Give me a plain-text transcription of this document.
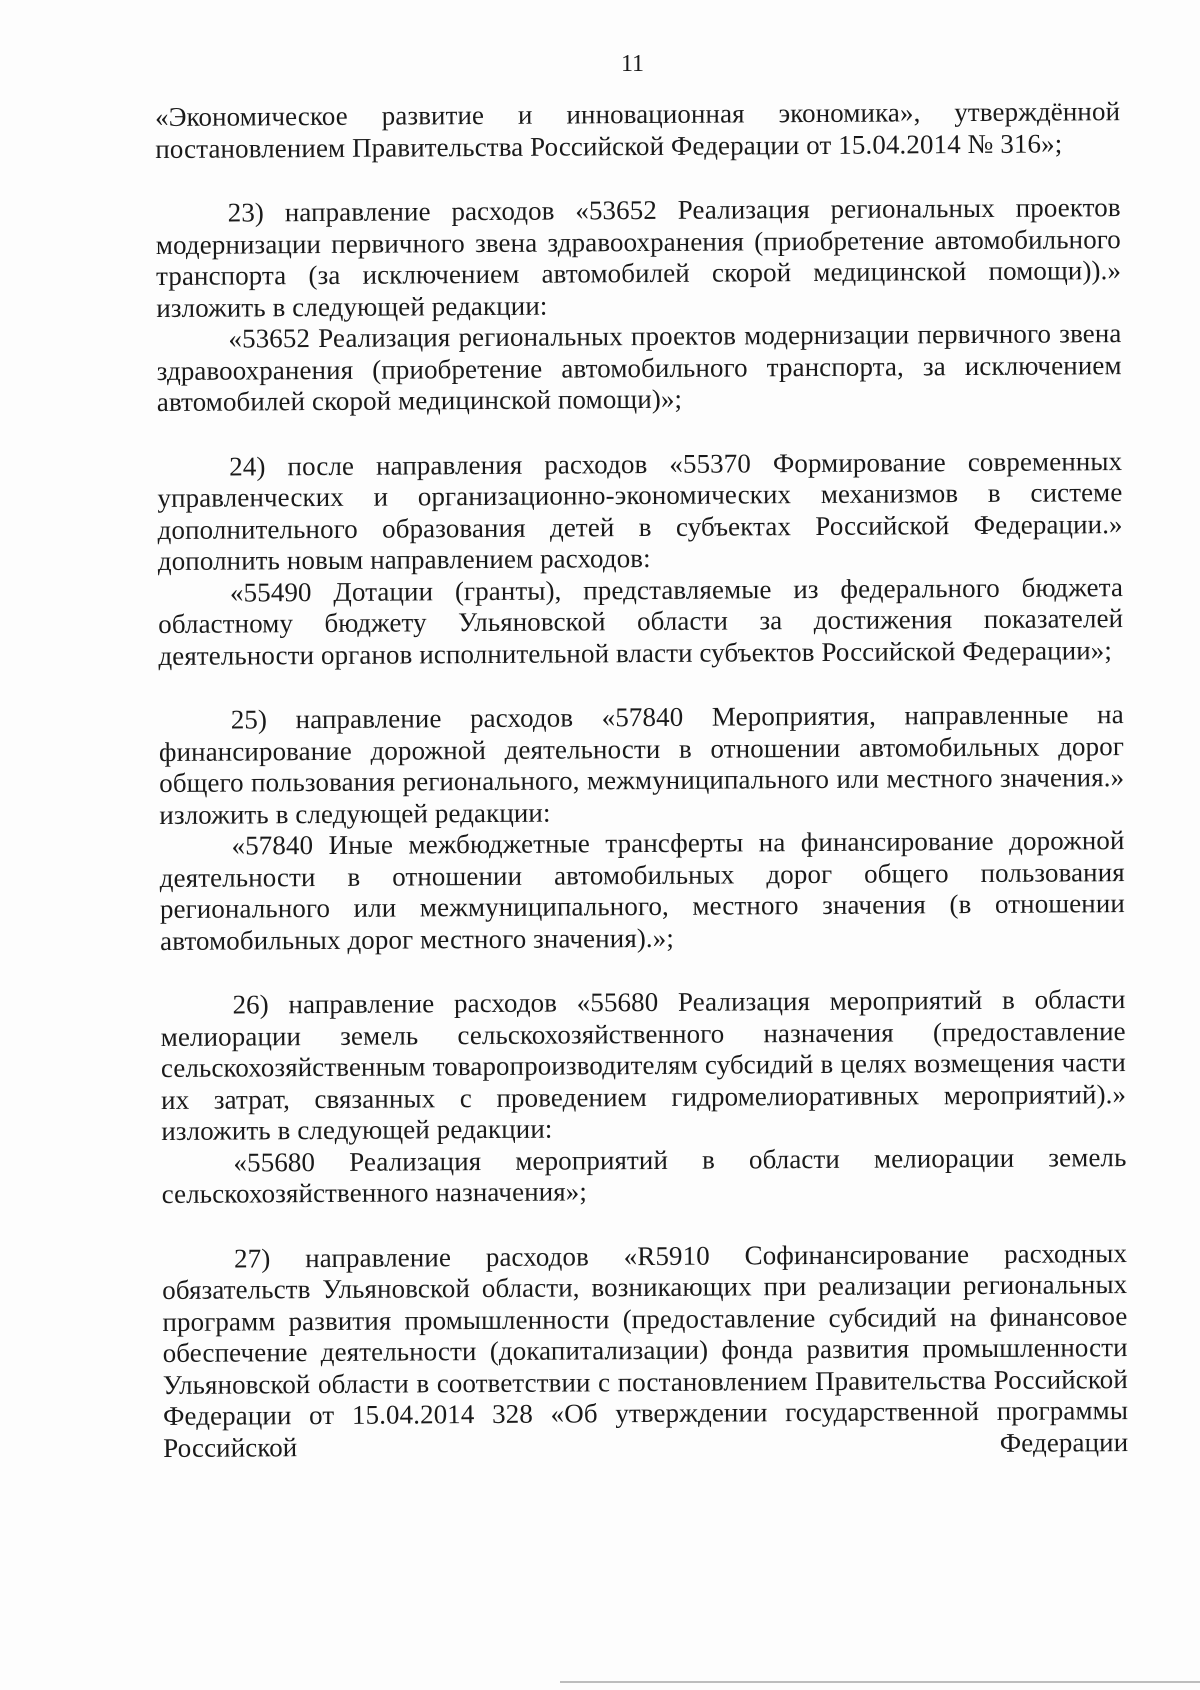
11

«Экономическое развитие и инновационная экономика», утверждённой постановлением Правительства Российской Федерации от 15.04.2014 № 316»;

23) направление расходов «53652 Реализация региональных проектов модернизации первичного звена здравоохранения (приобретение автомобильного транспорта (за исключением автомобилей скорой медицинской помощи)).» изложить в следующей редакции:

«53652 Реализация региональных проектов модернизации первичного звена здравоохранения (приобретение автомобильного транспорта, за исключением автомобилей скорой медицинской помощи)»;

24) после направления расходов «55370 Формирование современных управленческих и организационно-экономических механизмов в системе дополнительного образования детей в субъектах Российской Федерации.» дополнить новым направлением расходов:

«55490 Дотации (гранты), представляемые из федерального бюджета областному бюджету Ульяновской области за достижения показателей деятельности органов исполнительной власти субъектов Российской Федерации»;

25) направление расходов «57840 Мероприятия, направленные на финансирование дорожной деятельности в отношении автомобильных дорог общего пользования регионального, межмуниципального или местного значения.» изложить в следующей редакции:

«57840 Иные межбюджетные трансферты на финансирование дорожной деятельности в отношении автомобильных дорог общего пользования регионального или межмуниципального, местного значения (в отношении автомобильных дорог местного значения).»;

26) направление расходов «55680 Реализация мероприятий в области мелиорации земель сельскохозяйственного назначения (предоставление сельскохозяйственным товаропроизводителям субсидий в целях возмещения части их затрат, связанных с проведением гидромелиоративных мероприятий).» изложить в следующей редакции:

«55680 Реализация мероприятий в области мелиорации земель сельскохозяйственного назначения»;

27) направление расходов «R5910 Софинансирование расходных обязательств Ульяновской области, возникающих при реализации региональных программ развития промышленности (предоставление субсидий на финансовое обеспечение деятельности (докапитализации) фонда развития промышленности Ульяновской области в соответствии с постановлением Правительства Российской Федерации от 15.04.2014 328 «Об утверждении государственной программы Российской Федерации
